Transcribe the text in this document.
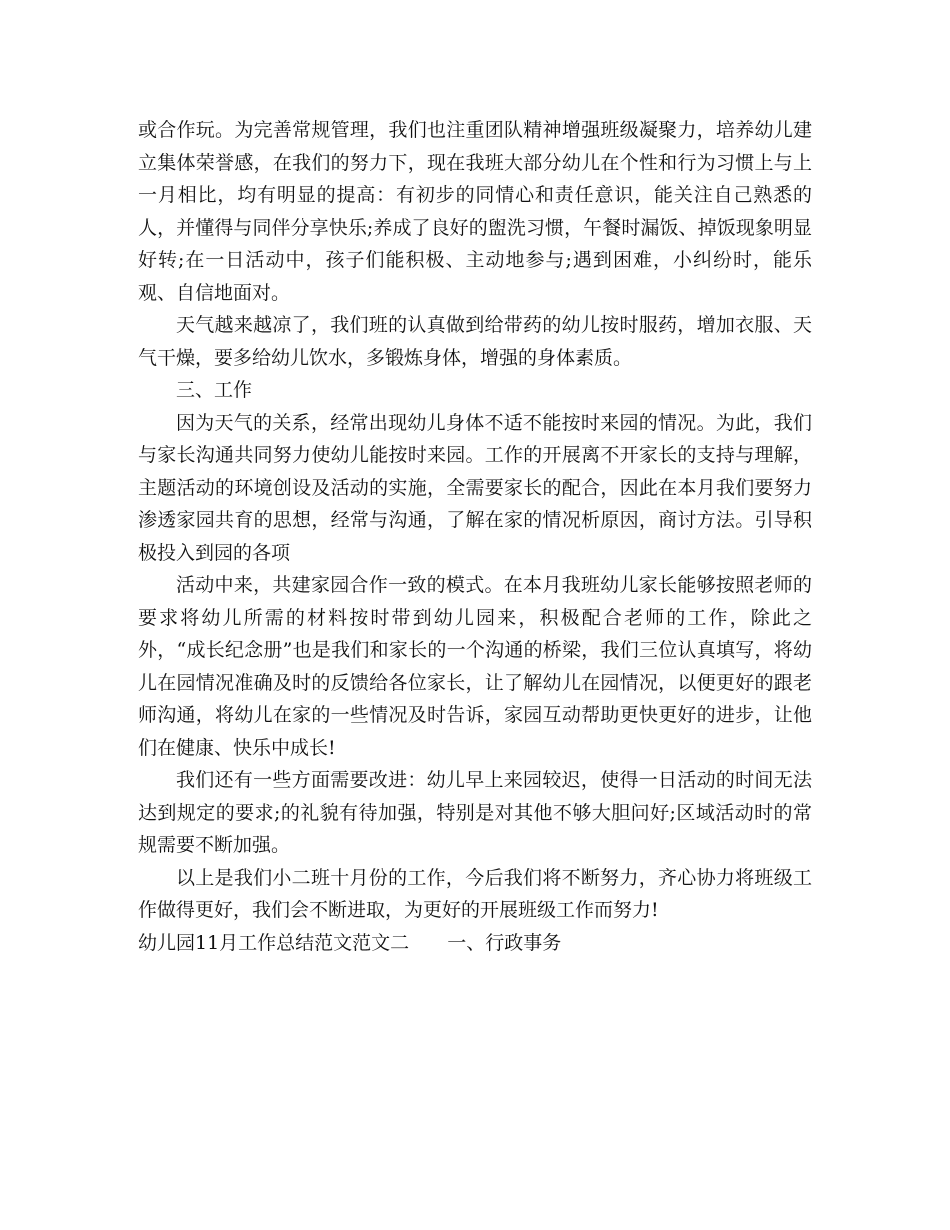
或合作玩。为完善常规管理，我们也注重团队精神增强班级凝聚力，培养幼儿建立集体荣誉感，在我们的努力下，现在我班大部分幼儿在个性和行为习惯上与上一月相比，均有明显的提高：有初步的同情心和责任意识，能关注自己熟悉的人，并懂得与同伴分享快乐;养成了良好的盥洗习惯，午餐时漏饭、掉饭现象明显好转;在一日活动中，孩子们能积极、主动地参与;遇到困难，小纠纷时，能乐观、自信地面对。

天气越来越凉了，我们班的认真做到给带药的幼儿按时服药，增加衣服、天气干燥，要多给幼儿饮水，多锻炼身体，增强的身体素质。

三、工作

因为天气的关系，经常出现幼儿身体不适不能按时来园的情况。为此，我们与家长沟通共同努力使幼儿能按时来园。工作的开展离不开家长的支持与理解，主题活动的环境创设及活动的实施，全需要家长的配合，因此在本月我们要努力渗透家园共育的思想，经常与沟通，了解在家的情况析原因，商讨方法。引导积极投入到园的各项

活动中来，共建家园合作一致的模式。在本月我班幼儿家长能够按照老师的要求将幼儿所需的材料按时带到幼儿园来，积极配合老师的工作，除此之外，“成长纪念册”也是我们和家长的一个沟通的桥梁，我们三位认真填写，将幼儿在园情况准确及时的反馈给各位家长，让了解幼儿在园情况，以便更好的跟老师沟通，将幼儿在家的一些情况及时告诉，家园互动帮助更快更好的进步，让他们在健康、快乐中成长!

我们还有一些方面需要改进：幼儿早上来园较迟，使得一日活动的时间无法达到规定的要求;的礼貌有待加强，特别是对其他不够大胆问好;区域活动时的常规需要不断加强。

以上是我们小二班十月份的工作，今后我们将不断努力，齐心协力将班级工作做得更好，我们会不断进取，为更好的开展班级工作而努力!

幼儿园11月工作总结范文范文二 一、行政事务
